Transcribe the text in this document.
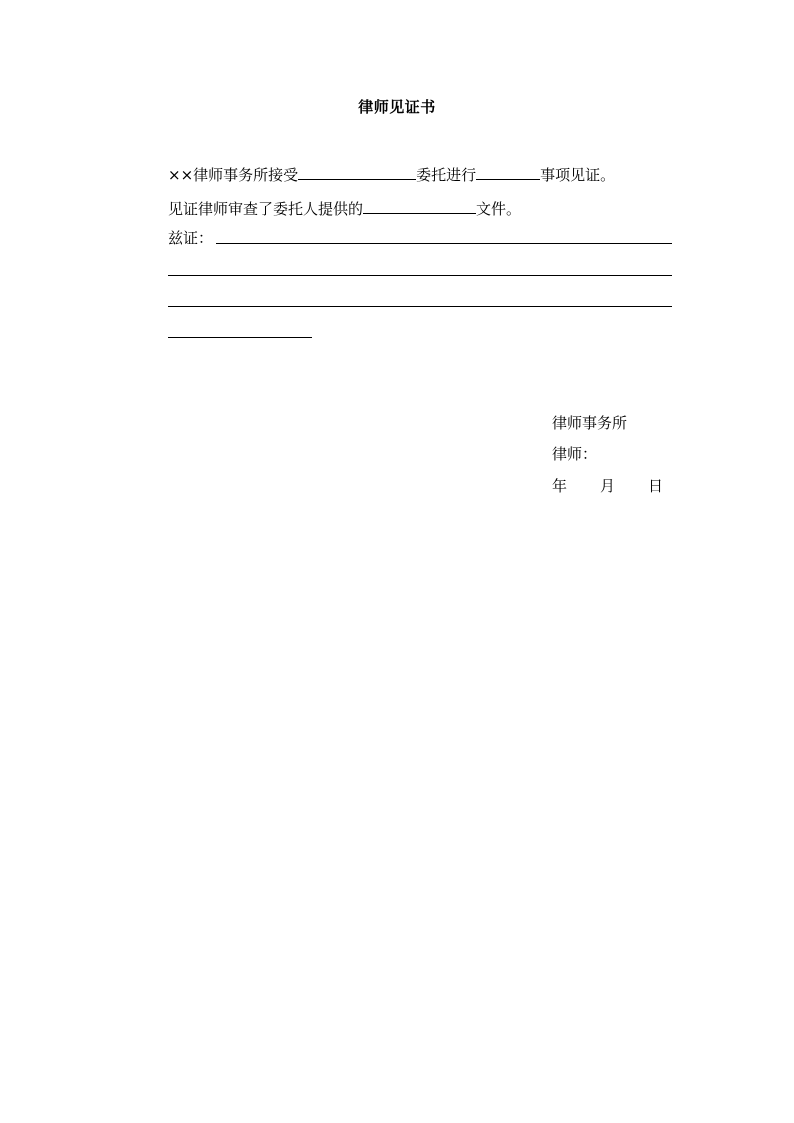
律师见证书
××律师事务所接受	委托进行	事项见证。
见证律师审查了委托人提供的	文件。
兹证：
律师事务所
律师：
年 月 日
